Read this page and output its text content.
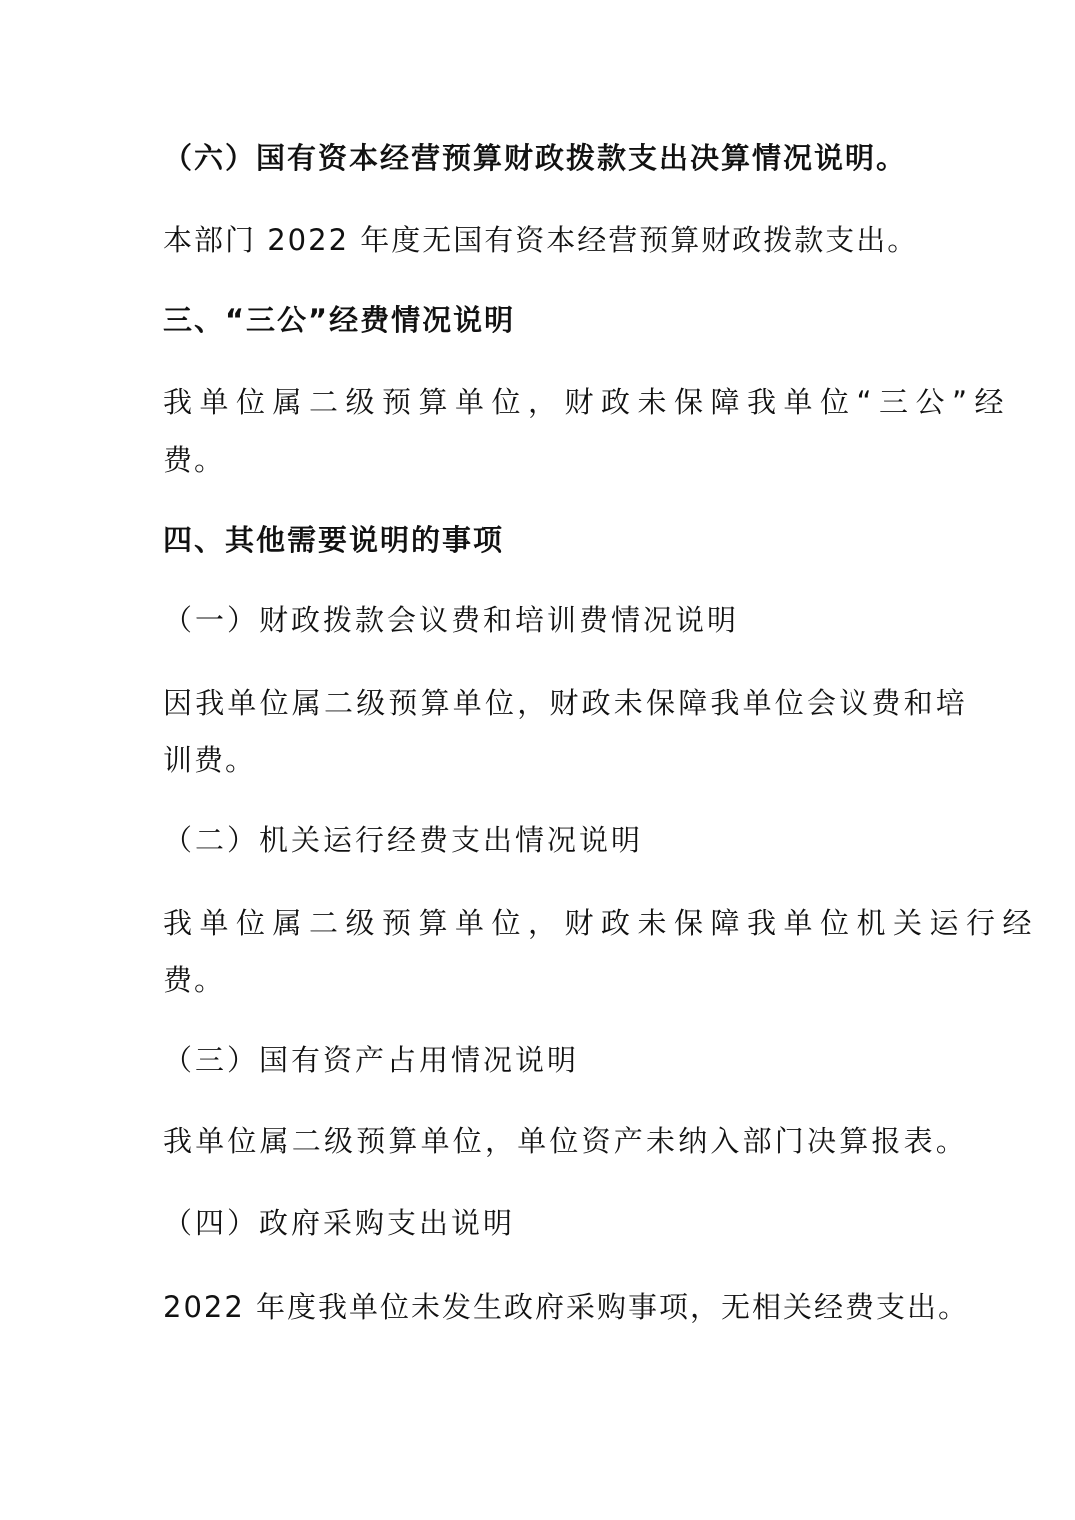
（六）国有资本经营预算财政拨款支出决算情况说明。
本部门 2022 年度无国有资本经营预算财政拨款支出。
三、“三公”经费情况说明
我单位属二级预算单位，财政未保障我单位“三公”经
费。
四、其他需要说明的事项
（一）财政拨款会议费和培训费情况说明
因我单位属二级预算单位，财政未保障我单位会议费和培
训费。
（二）机关运行经费支出情况说明
我单位属二级预算单位，财政未保障我单位机关运行经
费。
（三）国有资产占用情况说明
我单位属二级预算单位，单位资产未纳入部门决算报表。
（四）政府采购支出说明
2022 年度我单位未发生政府采购事项，无相关经费支出。
